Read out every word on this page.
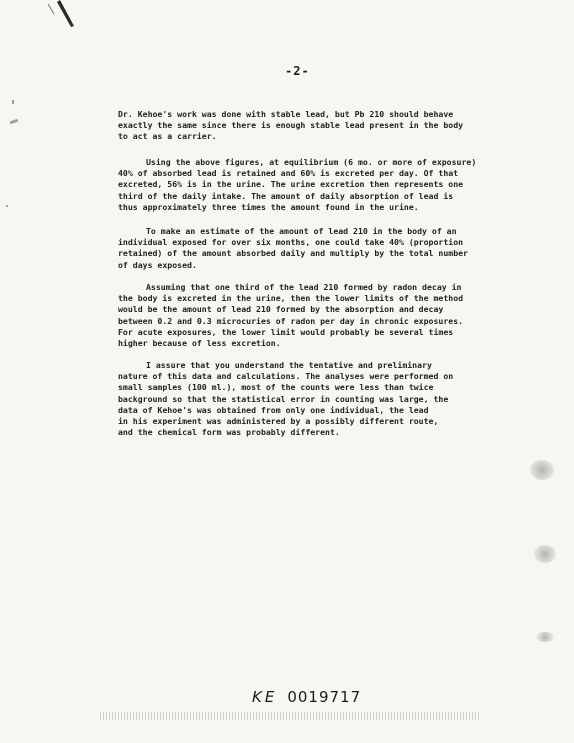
-2-
Dr. Kehoe's work was done with stable lead, but Pb 210 should behave
exactly the same since there is enough stable lead present in the body
to act as a carrier.
Using the above figures, at equilibrium (6 mo. or more of exposure)
40% of absorbed lead is retained and 60% is excreted per day. Of that
excreted, 56% is in the urine. The urine excretion then represents one
third of the daily intake. The amount of daily absorption of lead is
thus approximately three times the amount found in the urine.
To make an estimate of the amount of lead 210 in the body of an
individual exposed for over six months, one could take 40% (proportion
retained) of the amount absorbed daily and multiply by the total number
of days exposed.
Assuming that one third of the lead 210 formed by radon decay in
the body is excreted in the urine, then the lower limits of the method
would be the amount of lead 210 formed by the absorption and decay
between 0.2 and 0.3 microcuries of radon per day in chronic exposures.
For acute exposures, the lower limit would probably be several times
higher because of less excretion.
I assure that you understand the tentative and preliminary
nature of this data and calculations. The analyses were performed on
small samples (100 ml.), most of the counts were less than twice
background so that the statistical error in counting was large, the
data of Kehoe's was obtained from only one individual, the lead
in his experiment was administered by a possibly different route,
and the chemical form was probably different.
KE 0019717
